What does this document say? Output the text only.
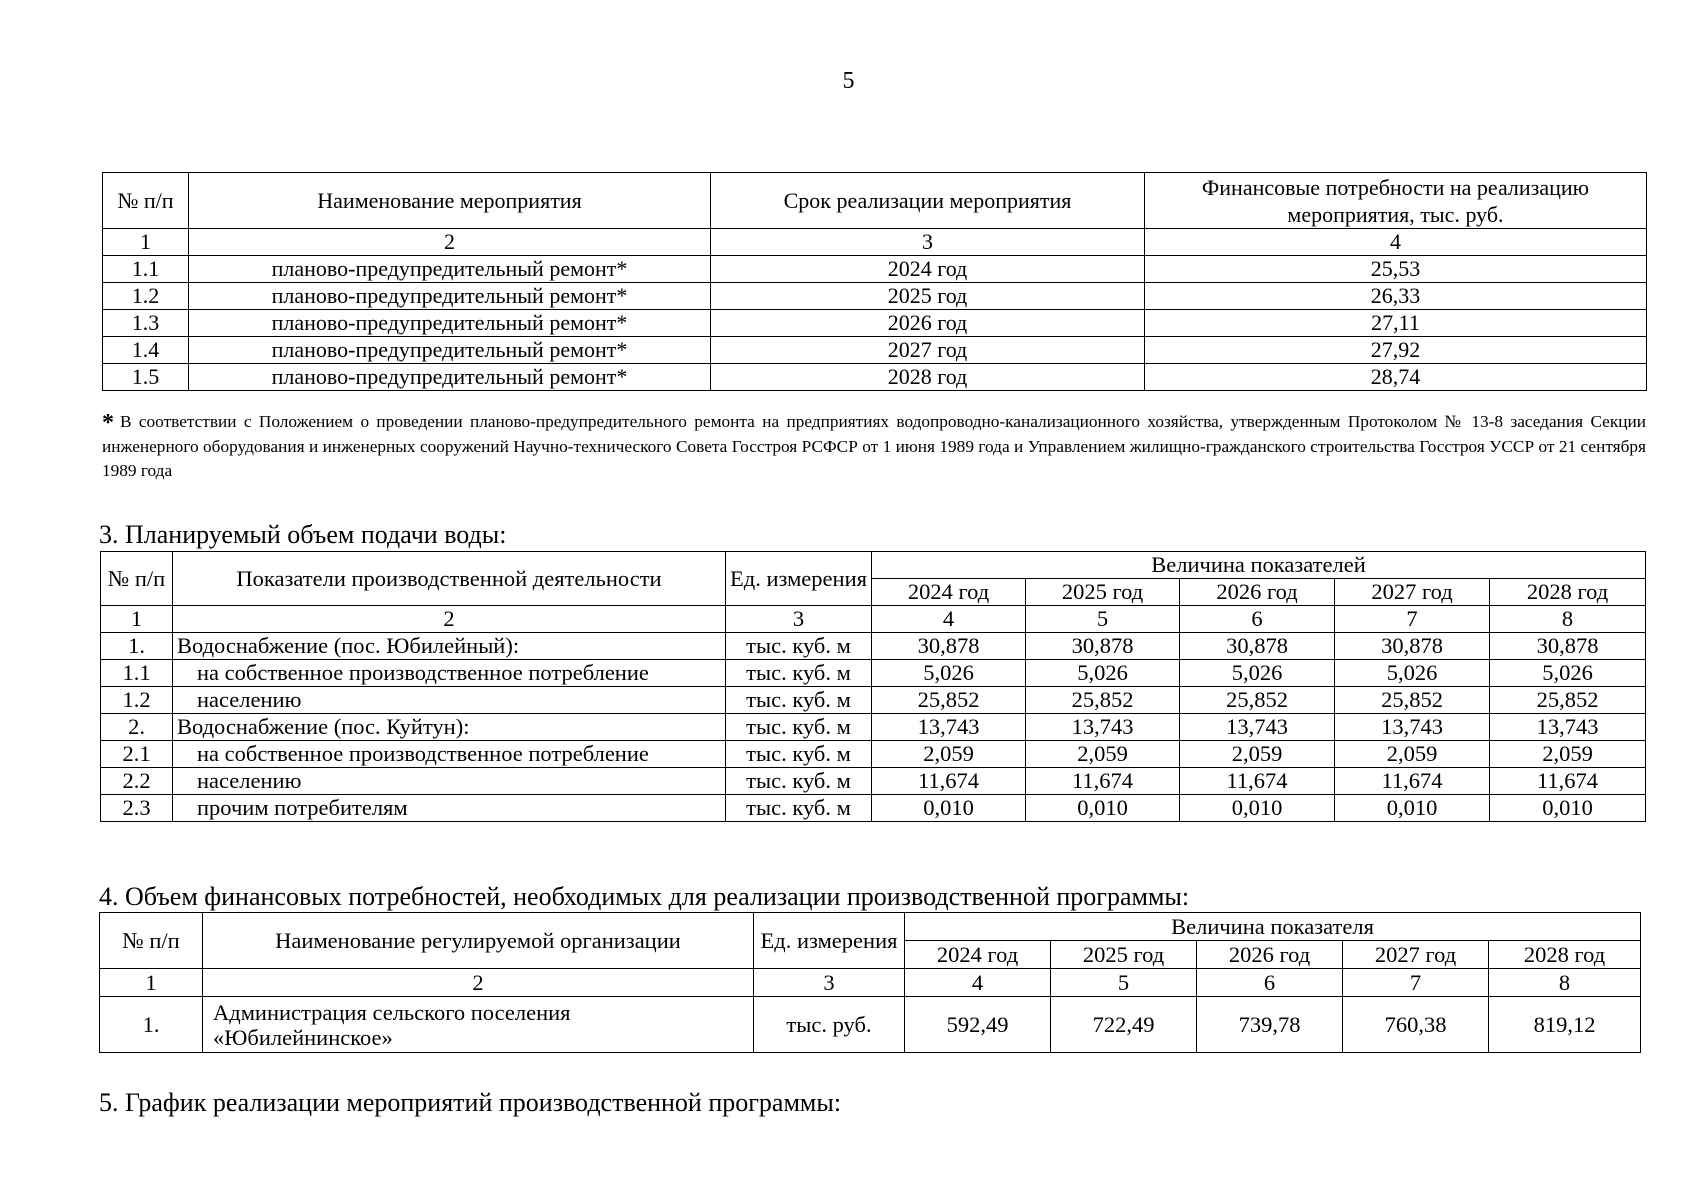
5
№ п/п	Наименование мероприятия	Срок реализации мероприятия	Финансовые потребности на реализацию мероприятия, тыс. руб.
1	2	3	4
1.1	планово-предупредительный ремонт*	2024 год	25,53
1.2	планово-предупредительный ремонт*	2025 год	26,33
1.3	планово-предупредительный ремонт*	2026 год	27,11
1.4	планово-предупредительный ремонт*	2027 год	27,92
1.5	планово-предупредительный ремонт*	2028 год	28,74
* В соответствии с Положением о проведении планово-предупредительного ремонта на предприятиях водопроводно-канализационного хозяйства, утвержденным Протоколом № 13-8 заседания Секции инженерного оборудования и инженерных сооружений Научно-технического Совета Госстроя РСФСР от 1 июня 1989 года и Управлением жилищно-гражданского строительства Госстроя УССР от 21 сентября 1989 года
3. Планируемый объем подачи воды:
№ п/п	Показатели производственной деятельности	Ед. измерения	Величина показателей				
			2024 год	2025 год	2026 год	2027 год	2028 год
1	2	3	4	5	6	7	8
1.	Водоснабжение (пос. Юбилейный):	тыс. куб. м	30,878	30,878	30,878	30,878	30,878
1.1	на собственное производственное потребление	тыс. куб. м	5,026	5,026	5,026	5,026	5,026
1.2	населению	тыс. куб. м	25,852	25,852	25,852	25,852	25,852
2.	Водоснабжение (пос. Куйтун):	тыс. куб. м	13,743	13,743	13,743	13,743	13,743
2.1	на собственное производственное потребление	тыс. куб. м	2,059	2,059	2,059	2,059	2,059
2.2	населению	тыс. куб. м	11,674	11,674	11,674	11,674	11,674
2.3	прочим потребителям	тыс. куб. м	0,010	0,010	0,010	0,010	0,010
4. Объем финансовых потребностей, необходимых для реализации производственной программы:
№ п/п	Наименование регулируемой организации	Ед. измерения	Величина показателя				
			2024 год	2025 год	2026 год	2027 год	2028 год
1	2	3	4	5	6	7	8
1.	Администрация сельского поселения «Юбилейнинское»	тыс. руб.	592,49	722,49	739,78	760,38	819,12
5. График реализации мероприятий производственной программы:
